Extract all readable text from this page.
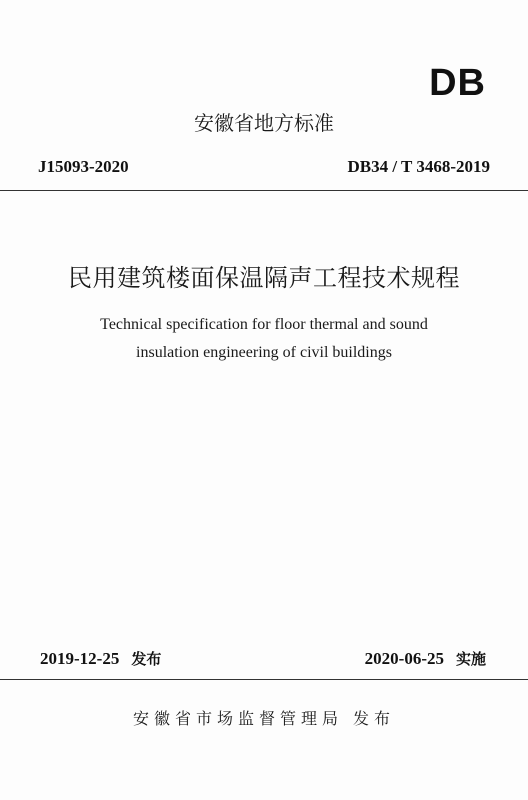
DB
安徽省地方标准
J15093-2020	DB34 / T 3468-2019
民用建筑楼面保温隔声工程技术规程
Technical specification for floor thermal and sound
insulation engineering of civil buildings
2019-12-25 发布	2020-06-25 实施
安徽省市场监督管理局 发布
